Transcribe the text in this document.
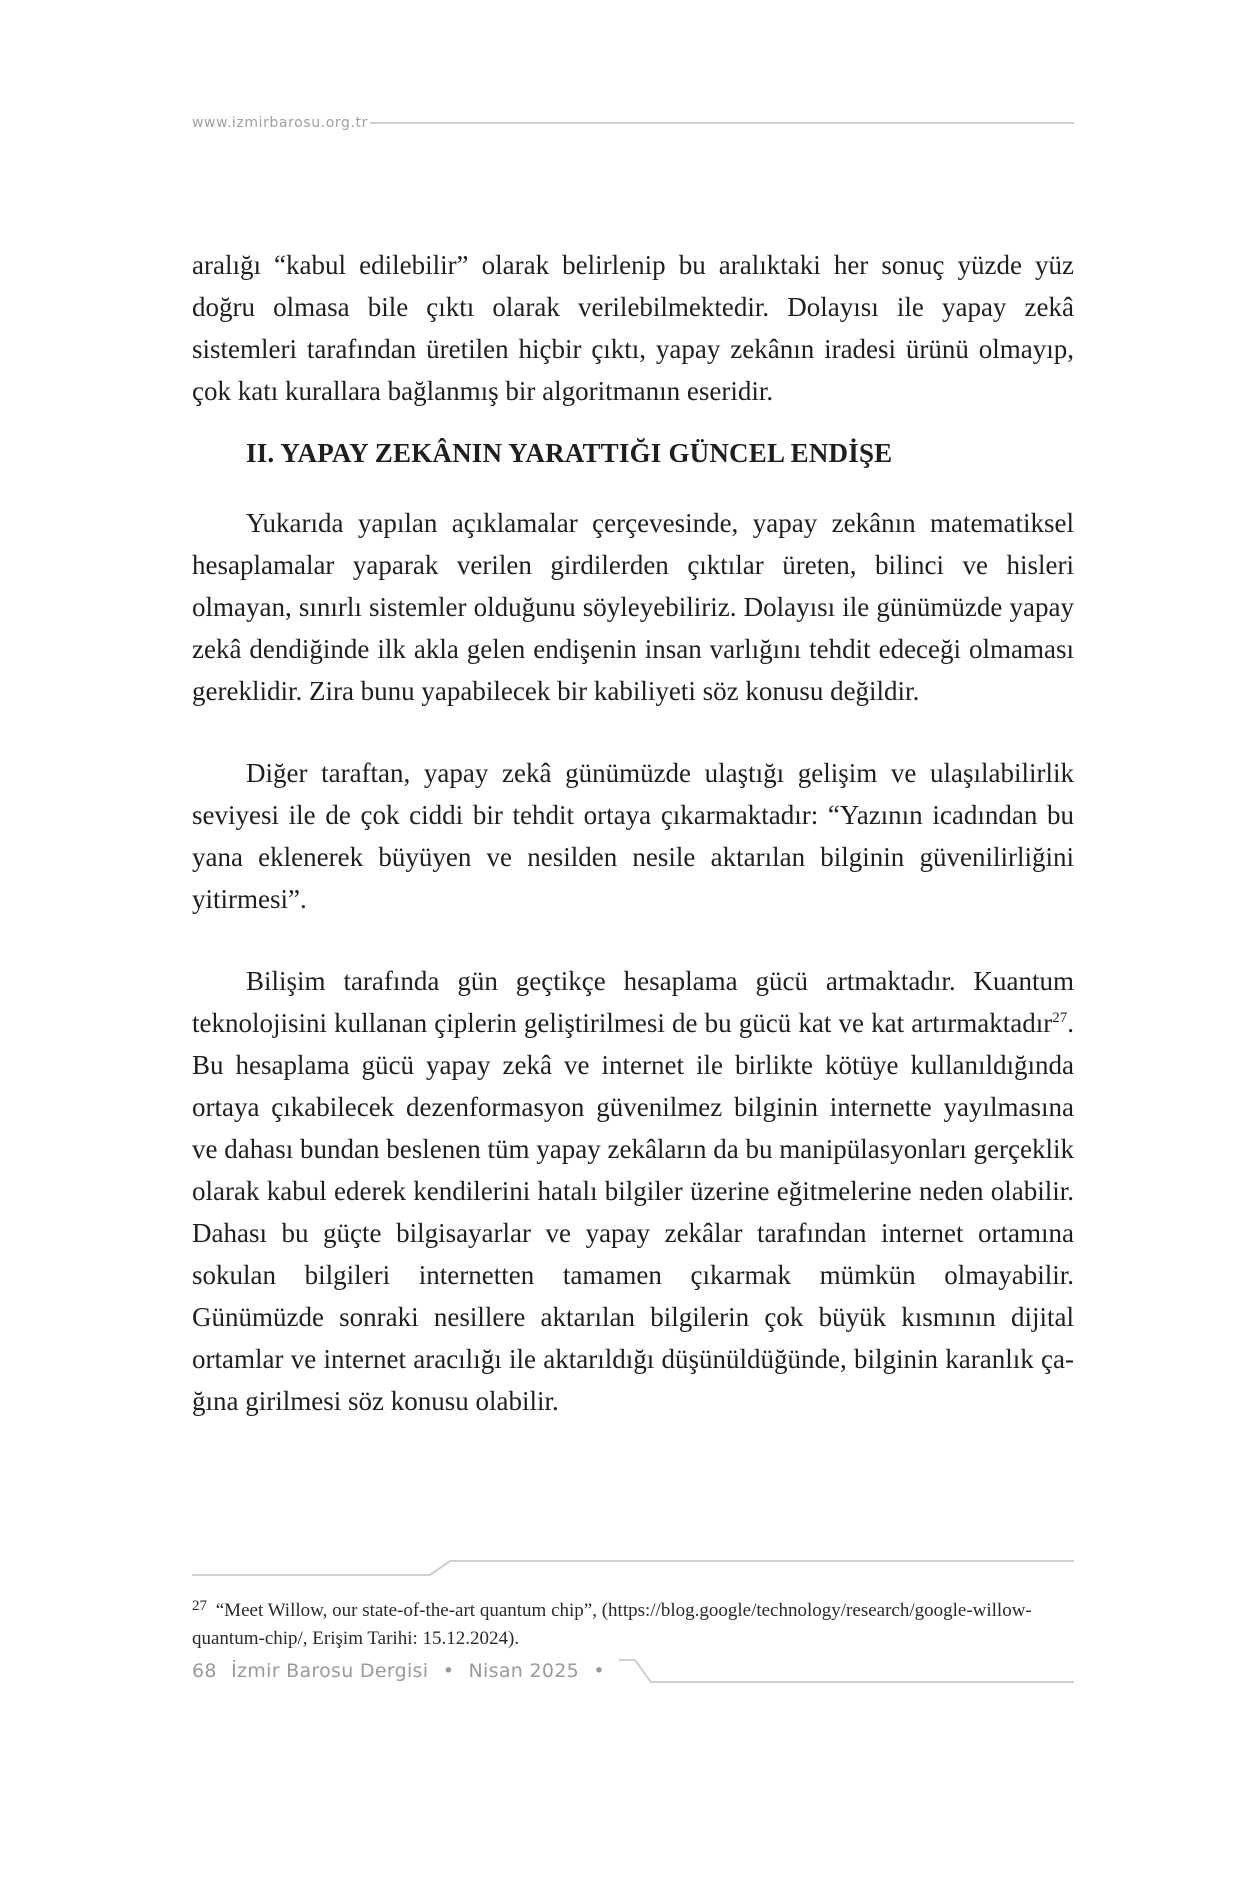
www.izmirbarosu.org.tr

aralığı “kabul edilebilir” olarak belirlenip bu aralıktaki her sonuç yüzde yüz doğru olmasa bile çıktı olarak verilebilmektedir. Dolayısı ile yapay zekâ sistemleri tarafından üretilen hiçbir çıktı, yapay zekânın iradesi ürünü olmayıp, çok katı kurallara bağlanmış bir algoritmanın eseridir.

II. YAPAY ZEKÂNIN YARATTIĞI GÜNCEL ENDİŞE

Yukarıda yapılan açıklamalar çerçevesinde, yapay zekânın matematiksel hesaplamalar yaparak verilen girdilerden çıktılar üreten, bilinci ve hisleri olmayan, sınırlı sistemler olduğunu söyleyebiliriz. Dolayısı ile günümüzde yapay zekâ dendiğinde ilk akla gelen endişenin insan varlığını tehdit edeceği olmaması gereklidir. Zira bunu yapabilecek bir kabiliyeti söz konusu değildir.

Diğer taraftan, yapay zekâ günümüzde ulaştığı gelişim ve ulaşılabilirlik seviyesi ile de çok ciddi bir tehdit ortaya çıkarmaktadır: “Yazının icadından bu yana eklenerek büyüyen ve nesilden nesile aktarılan bilginin güvenilirliğini yitirmesi”.

Bilişim tarafında gün geçtikçe hesaplama gücü artmaktadır. Kuantum teknolojisini kullanan çiplerin geliştirilmesi de bu gücü kat ve kat artırmaktadır$^{27}$. Bu hesaplama gücü yapay zekâ ve internet ile birlikte kötüye kullanıldığında ortaya çıkabilecek dezenformasyon güvenilmez bilginin internette yayılmasına ve dahası bundan beslenen tüm yapay zekâların da bu manipülasyonları gerçeklik olarak kabul ederek kendilerini hatalı bilgiler üzerine eğitmelerine neden olabilir. Dahası bu güçte bilgisayarlar ve yapay zekâlar tarafından internet ortamına sokulan bilgileri internetten tamamen çıkarmak mümkün olmayabilir. Günümüzde sonraki nesillere aktarılan bilgilerin çok büyük kısmının dijital ortamlar ve internet aracılığı ile aktarıldığı düşünüldüğünde, bilginin karanlık çağına girilmesi söz konusu olabilir.

$^{27}$ “Meet Willow, our state-of-the-art quantum chip”, (https://blog.google/technology/research/google-willow-quantum-chip/, Erişim Tarihi: 15.12.2024).
68 İzmir Barosu Dergisi • Nisan 2025 •
